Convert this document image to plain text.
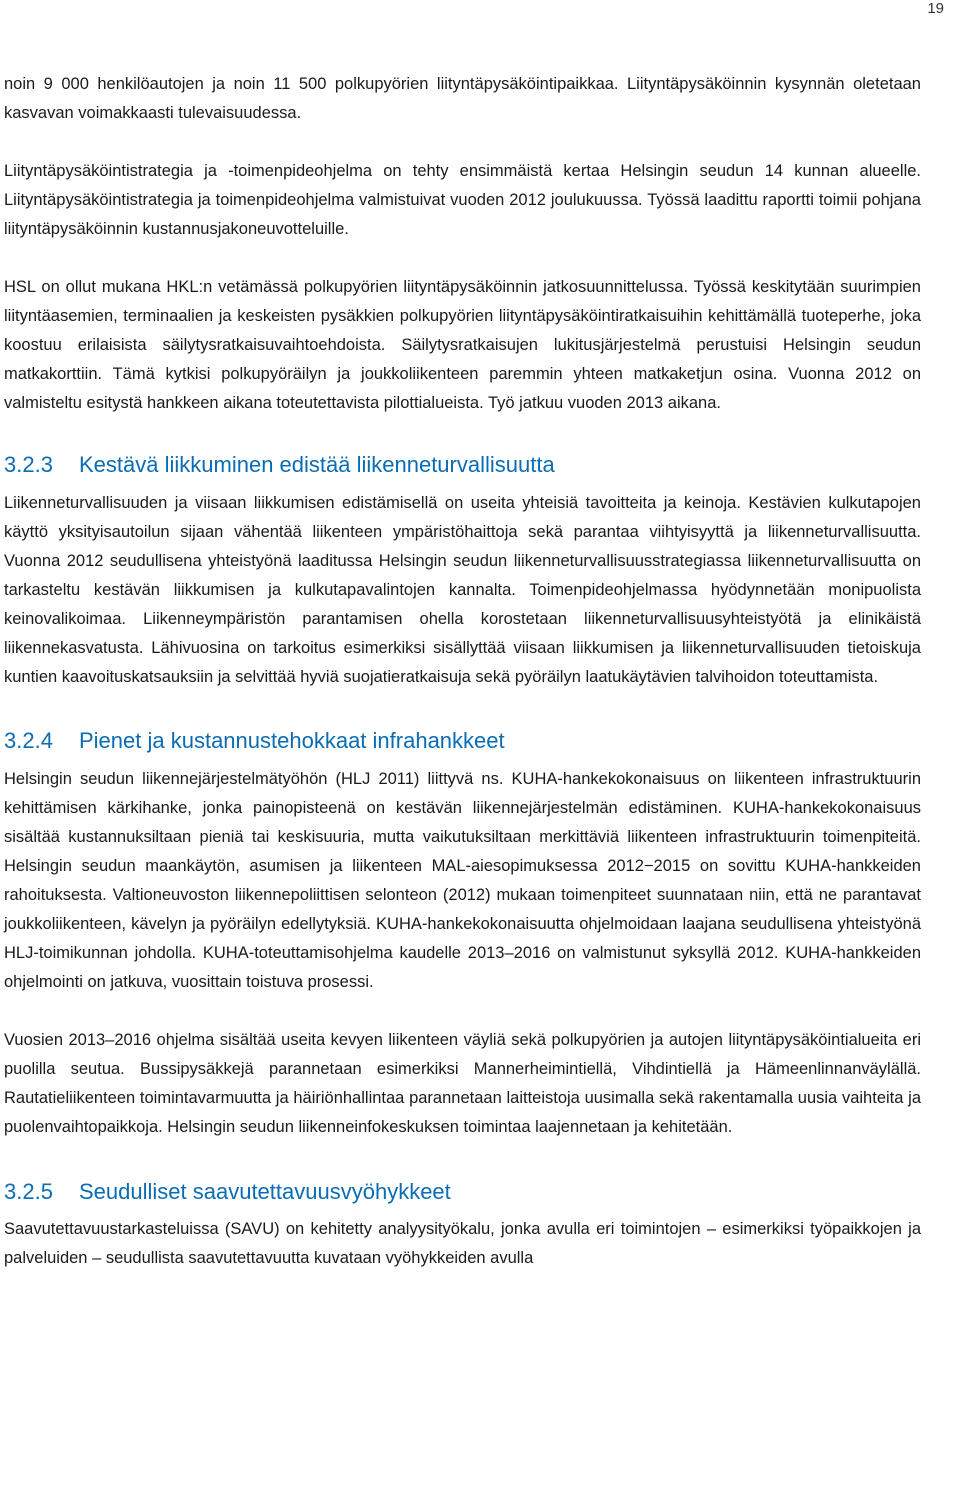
19

noin 9 000 henkilöautojen ja noin 11 500 polkupyörien liityntäpysäköintipaikkaa. Liityntäpysäköinnin kysynnän oletetaan kasvavan voimakkaasti tulevaisuudessa.

Liityntäpysäköintistrategia ja -toimenpideohjelma on tehty ensimmäistä kertaa Helsingin seudun 14 kunnan alueelle. Liityntäpysäköintistrategia ja toimenpideohjelma valmistuivat vuoden 2012 joulukuussa. Työssä laadittu raportti toimii pohjana liityntäpysäköinnin kustannusjakoneuvotteluille.

HSL on ollut mukana HKL:n vetämässä polkupyörien liityntäpysäköinnin jatkosuunnittelussa. Työssä keskitytään suurimpien liityntäasemien, terminaalien ja keskeisten pysäkkien polkupyörien liityntäpysäköintiratkaisuihin kehittämällä tuoteperhe, joka koostuu erilaisista säilytysratkaisuvaihtoehdoista. Säilytysratkaisujen lukitusjärjestelmä perustuisi Helsingin seudun matkakorttiin. Tämä kytkisi polkupyöräilyn ja joukkoliikenteen paremmin yhteen matkaketjun osina. Vuonna 2012 on valmisteltu esitystä hankkeen aikana toteutettavista pilottialueista. Työ jatkuu vuoden 2013 aikana.

3.2.3	Kestävä liikkuminen edistää liikenneturvallisuutta

Liikenneturvallisuuden ja viisaan liikkumisen edistämisellä on useita yhteisiä tavoitteita ja keinoja. Kestävien kulkutapojen käyttö yksityisautoilun sijaan vähentää liikenteen ympäristöhaittoja sekä parantaa viihtyisyyttä ja liikenneturvallisuutta. Vuonna 2012 seudullisena yhteistyönä laaditussa Helsingin seudun liikenneturvallisuusstrategiassa liikenneturvallisuutta on tarkasteltu kestävän liikkumisen ja kulkutapavalintojen kannalta. Toimenpideohjelmassa hyödynnetään monipuolista keinovalikoimaa. Liikenneympäristön parantamisen ohella korostetaan liikenneturvallisuusyhteistyötä ja elinikäistä liikennekasvatusta. Lähivuosina on tarkoitus esimerkiksi sisällyttää viisaan liikkumisen ja liikenneturvallisuuden tietoiskuja kuntien kaavoituskatsauksiin ja selvittää hyviä suojatieratkaisuja sekä pyöräilyn laatukäytävien talvihoidon toteuttamista.

3.2.4	Pienet ja kustannustehokkaat infrahankkeet

Helsingin seudun liikennejärjestelmätyöhön (HLJ 2011) liittyvä ns. KUHA-hankekokonaisuus on liikenteen infrastruktuurin kehittämisen kärkihanke, jonka painopisteenä on kestävän liikennejärjestelmän edistäminen. KUHA-hankekokonaisuus sisältää kustannuksiltaan pieniä tai keskisuuria, mutta vaikutuksiltaan merkittäviä liikenteen infrastruktuurin toimenpiteitä. Helsingin seudun maankäytön, asumisen ja liikenteen MAL-aiesopimuksessa 2012−2015 on sovittu KUHA-hankkeiden rahoituksesta. Valtioneuvoston liikennepoliittisen selonteon (2012) mukaan toimenpiteet suunnataan niin, että ne parantavat joukkoliikenteen, kävelyn ja pyöräilyn edellytyksiä. KUHA-hankekokonaisuutta ohjelmoidaan laajana seudullisena yhteistyönä HLJ-toimikunnan johdolla. KUHA-toteuttamisohjelma kaudelle 2013–2016 on valmistunut syksyllä 2012. KUHA-hankkeiden ohjelmointi on jatkuva, vuosittain toistuva prosessi.

Vuosien 2013–2016 ohjelma sisältää useita kevyen liikenteen väyliä sekä polkupyörien ja autojen liityntäpysäköintialueita eri puolilla seutua. Bussipysäkkejä parannetaan esimerkiksi Mannerheimintiellä, Vihdintiellä ja Hämeenlinnanväylällä. Rautatieliikenteen toimintavarmuutta ja häiriönhallintaa parannetaan laitteistoja uusimalla sekä rakentamalla uusia vaihteita ja puolenvaihtopaikkoja. Helsingin seudun liikenneinfokeskuksen toimintaa laajennetaan ja kehitetään.

3.2.5	Seudulliset saavutettavuusvyöhykkeet

Saavutettavuustarkasteluissa (SAVU) on kehitetty analyysityökalu, jonka avulla eri toimintojen – esimerkiksi työpaikkojen ja palveluiden – seudullista saavutettavuutta kuvataan vyöhykkeiden avulla
